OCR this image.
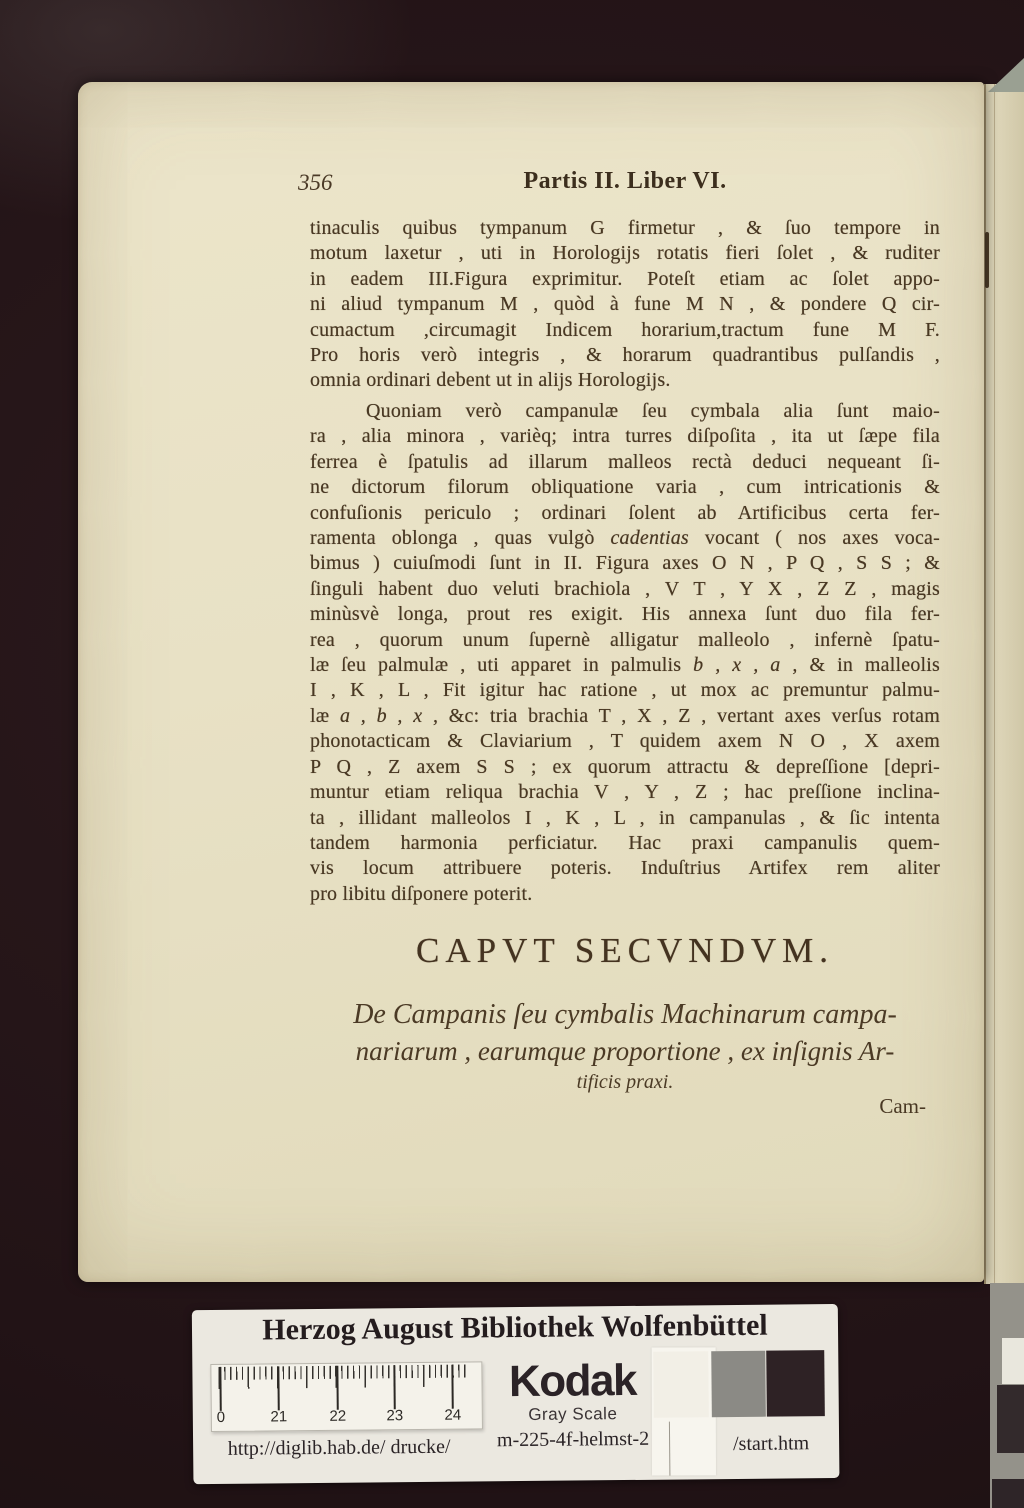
356	Partis II. Liber VI.
tinaculis quibus tympanum G firmetur , & ſuo tempore in
motum laxetur , uti in Horologijs rotatis fieri ſolet , & ruditer
in eadem III.Figura exprimitur. Poteſt etiam ac ſolet appo-
ni aliud tympanum M , quòd à fune M N , & pondere Q cir-
cumactum ,circumagit Indicem horarium,tractum fune M F.
Pro horis verò integris , & horarum quadrantibus pulſandis ,
omnia ordinari debent ut in alijs Horologijs.
Quoniam verò campanulæ ſeu cymbala alia ſunt maio-
ra , alia minora , varièq; intra turres diſpoſita , ita ut ſæpe fila
ferrea è ſpatulis ad illarum malleos rectà deduci nequeant ſi-
ne dictorum filorum obliquatione varia , cum intricationis &
confuſionis periculo ; ordinari ſolent ab Artificibus certa fer-
ramenta oblonga , quas vulgò cadentias vocant ( nos axes voca-
bimus ) cuiuſmodi ſunt in II. Figura axes O N , P Q , S S ; &
ſinguli habent duo veluti brachiola , V T , Y X , Z Z , magis
minùsvè longa, prout res exigit. His annexa ſunt duo fila fer-
rea , quorum unum ſupernè alligatur malleolo , infernè ſpatu-
læ ſeu palmulæ , uti apparet in palmulis b , x , a , & in malleolis
I , K , L , Fit igitur hac ratione , ut mox ac premuntur palmu-
læ a , b , x , &c: tria brachia T , X , Z , vertant axes verſus rotam
phonotacticam & Claviarium , T quidem axem N O , X axem
P Q , Z axem S S ; ex quorum attractu & depreſſione [depri-
muntur etiam reliqua brachia V , Y , Z ; hac preſſione inclina-
ta , illidant malleolos I , K , L , in campanulas , & ſic intenta
tandem harmonia perficiatur. Hac praxi campanulis quem-
vis locum attribuere poteris. Induſtrius Artifex rem aliter
pro libitu diſponere poterit.
CAPVT SECVNDVM.
De Campanis ſeu cymbalis Machinarum campa-
nariarum , earumque proportione , ex inſignis Ar-
tificis praxi.
Cam-
Herzog August Bibliothek Wolfenbüttel
0	21	22	23	24
Kodak
Gray Scale
http://diglib.hab.de/ drucke/	m-225-4f-helmst-2	/start.htm
